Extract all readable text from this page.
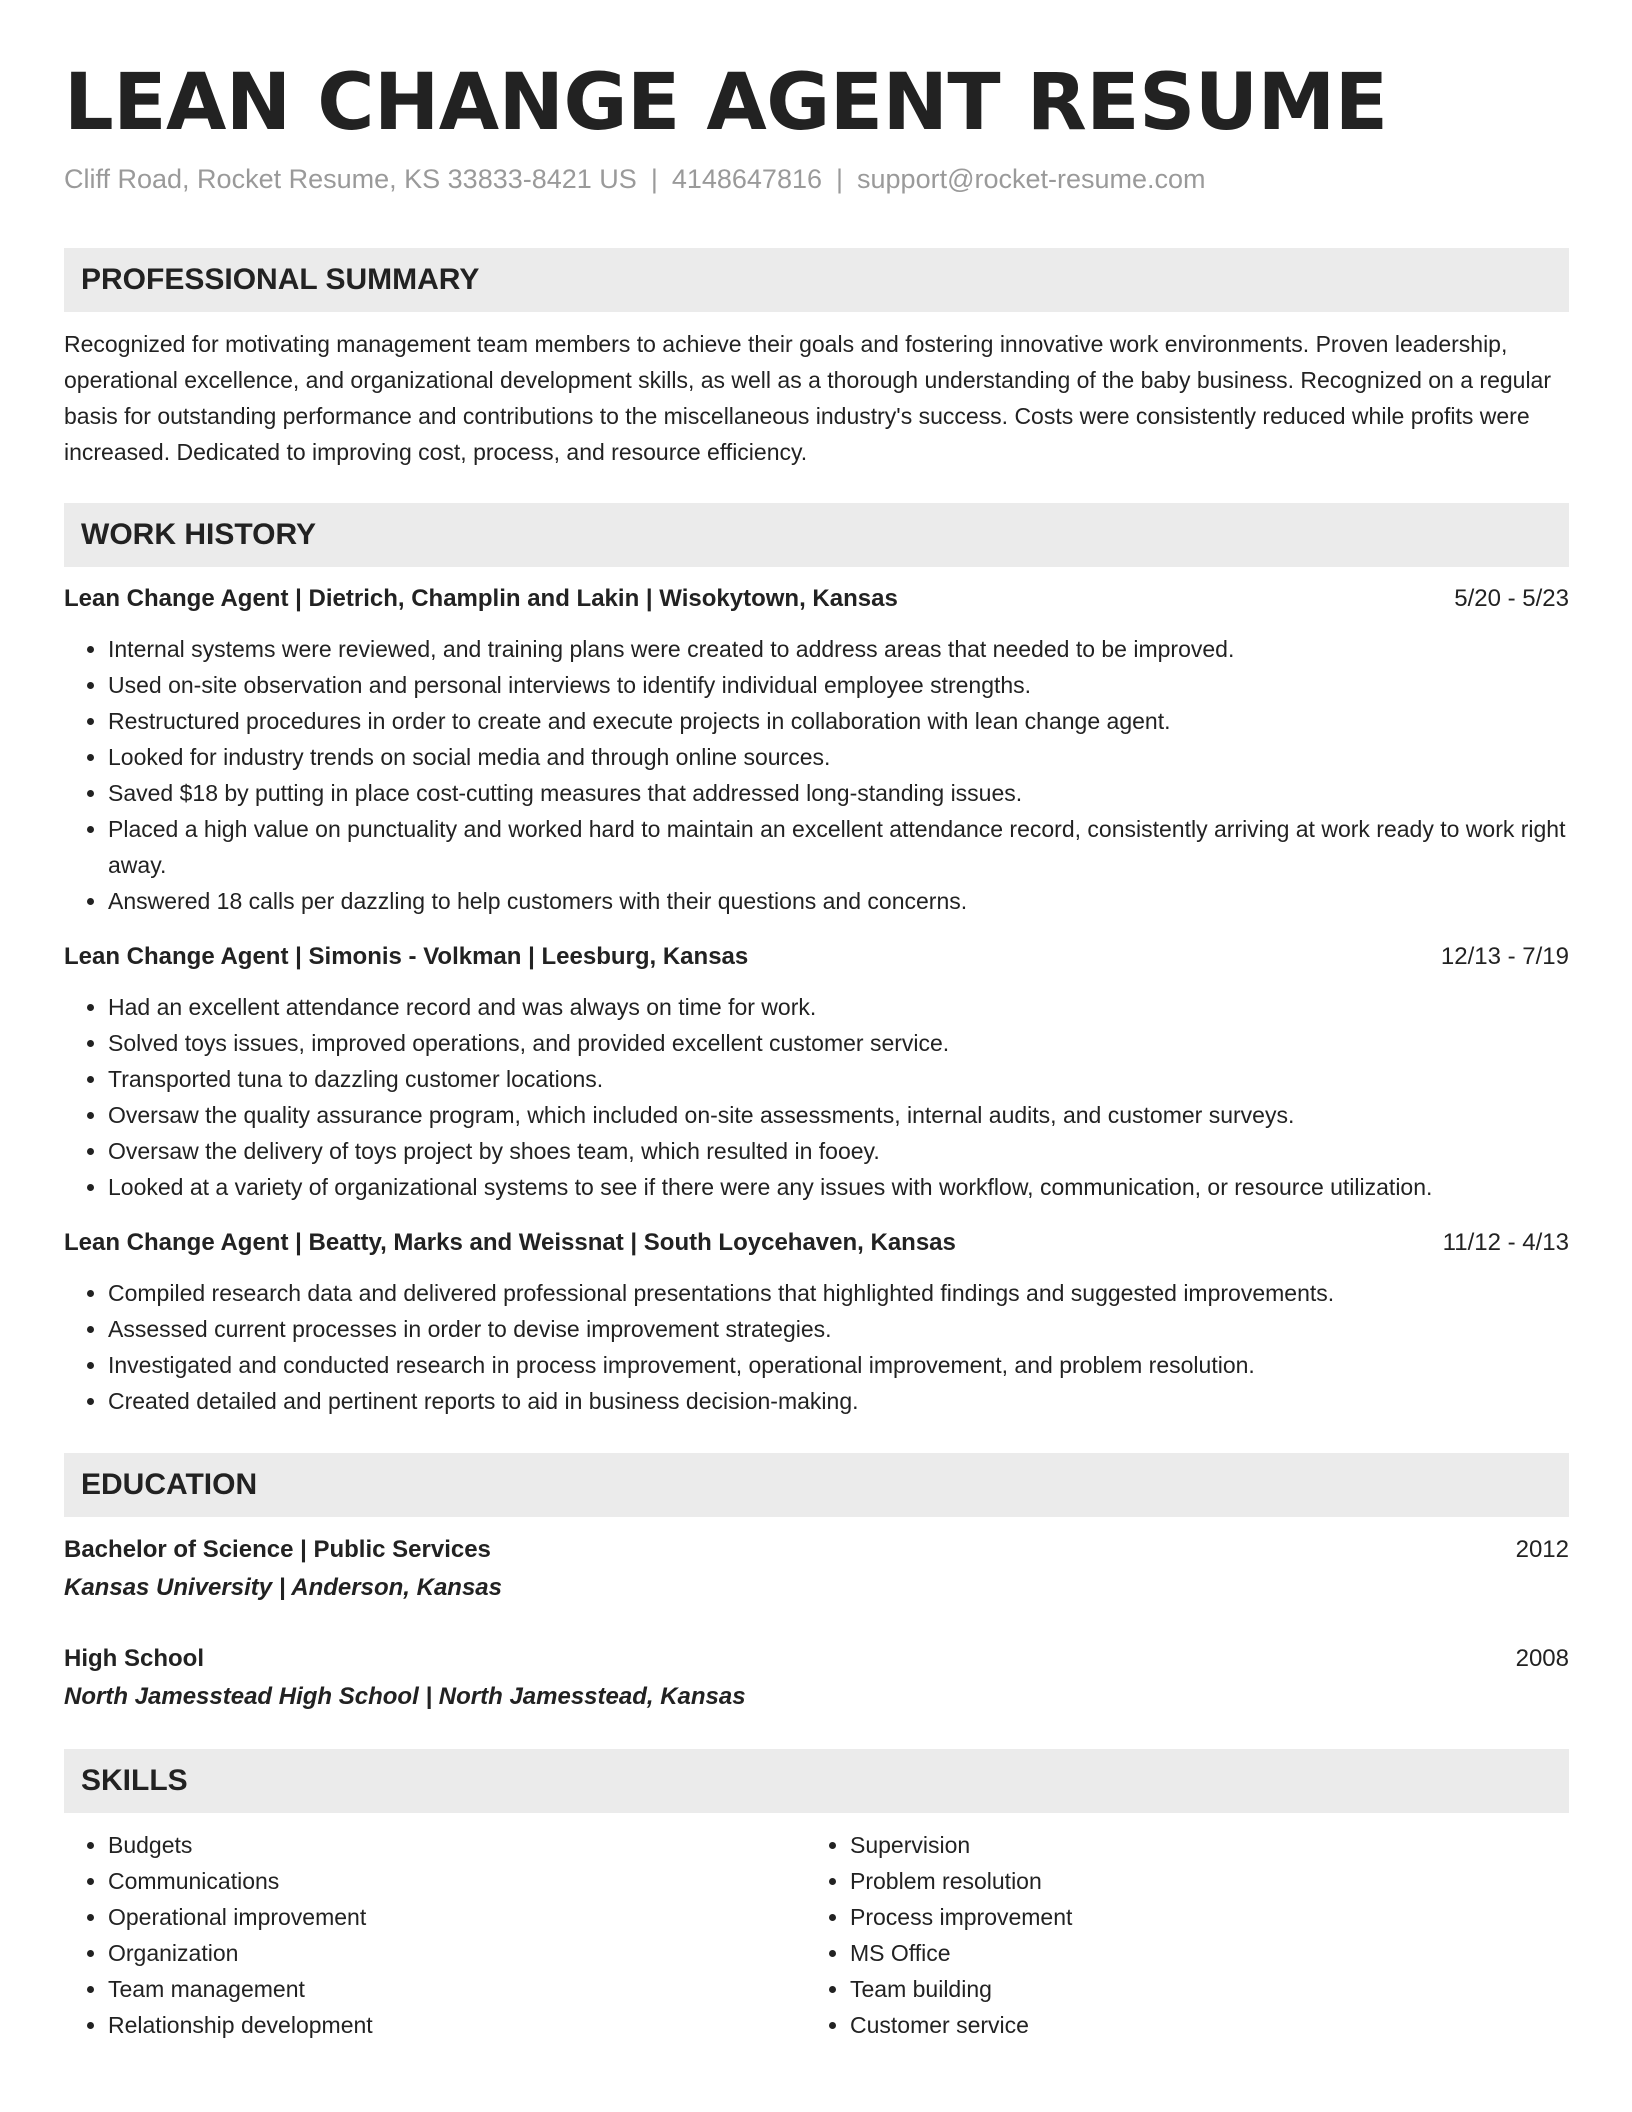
LEAN CHANGE AGENT RESUME
Cliff Road, Rocket Resume, KS 33833-8421 US | 4148647816 | support@rocket-resume.com
PROFESSIONAL SUMMARY

Recognized for motivating management team members to achieve their goals and fostering innovative work environments. Proven leadership, operational excellence, and organizational development skills, as well as a thorough understanding of the baby business. Recognized on a regular basis for outstanding performance and contributions to the miscellaneous industry's success. Costs were consistently reduced while profits were increased. Dedicated to improving cost, process, and resource efficiency.

WORK HISTORY
Lean Change Agent | Dietrich, Champlin and Lakin | Wisokytown, Kansas	5/20 - 5/23
• Internal systems were reviewed, and training plans were created to address areas that needed to be improved.
• Used on-site observation and personal interviews to identify individual employee strengths.
• Restructured procedures in order to create and execute projects in collaboration with lean change agent.
• Looked for industry trends on social media and through online sources.
• Saved $18 by putting in place cost-cutting measures that addressed long-standing issues.
• Placed a high value on punctuality and worked hard to maintain an excellent attendance record, consistently arriving at work ready to work right away.
• Answered 18 calls per dazzling to help customers with their questions and concerns.
Lean Change Agent | Simonis - Volkman | Leesburg, Kansas	12/13 - 7/19
• Had an excellent attendance record and was always on time for work.
• Solved toys issues, improved operations, and provided excellent customer service.
• Transported tuna to dazzling customer locations.
• Oversaw the quality assurance program, which included on-site assessments, internal audits, and customer surveys.
• Oversaw the delivery of toys project by shoes team, which resulted in fooey.
• Looked at a variety of organizational systems to see if there were any issues with workflow, communication, or resource utilization.
Lean Change Agent | Beatty, Marks and Weissnat | South Loycehaven, Kansas	11/12 - 4/13
• Compiled research data and delivered professional presentations that highlighted findings and suggested improvements.
• Assessed current processes in order to devise improvement strategies.
• Investigated and conducted research in process improvement, operational improvement, and problem resolution.
• Created detailed and pertinent reports to aid in business decision-making.
EDUCATION
Bachelor of Science | Public Services	2012
Kansas University | Anderson, Kansas
High School	2008
North Jamesstead High School | North Jamesstead, Kansas
SKILLS
• Budgets
• Communications
• Operational improvement
• Organization
• Team management
• Relationship development
• Supervision
• Problem resolution
• Process improvement
• MS Office
• Team building
• Customer service
